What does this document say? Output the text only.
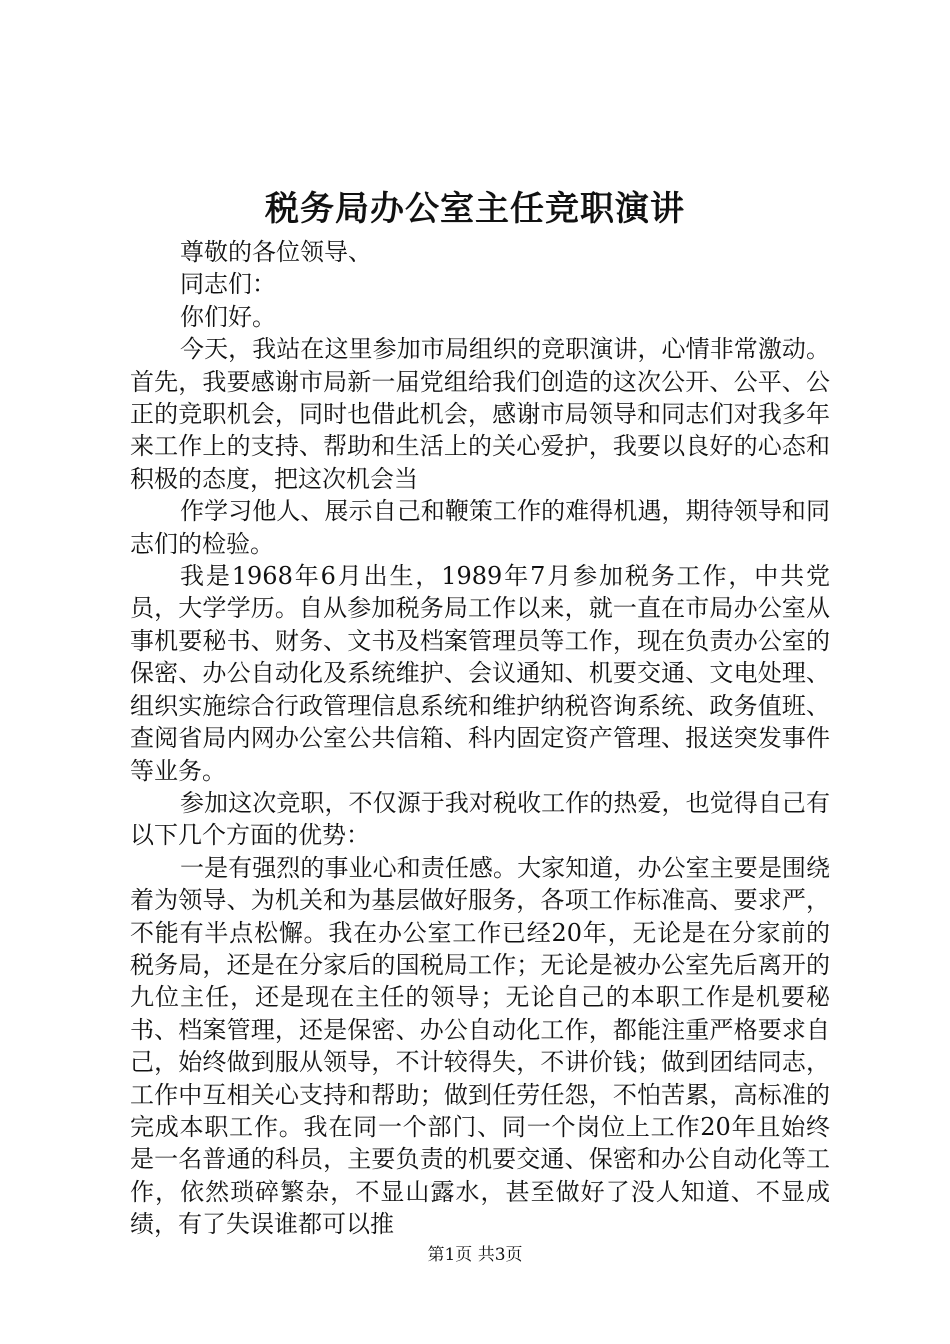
税务局办公室主任竞职演讲

尊敬的各位领导、

同志们：

你们好。

今天，我站在这里参加市局组织的竞职演讲，心情非常激动。首先，我要感谢市局新一届党组给我们创造的这次公开、公平、公正的竞职机会，同时也借此机会，感谢市局领导和同志们对我多年来工作上的支持、帮助和生活上的关心爱护，我要以良好的心态和积极的态度，把这次机会当

作学习他人、展示自己和鞭策工作的难得机遇，期待领导和同志们的检验。

我是1968年6月出生，1989年7月参加税务工作，中共党员，大学学历。自从参加税务局工作以来，就一直在市局办公室从事机要秘书、财务、文书及档案管理员等工作，现在负责办公室的保密、办公自动化及系统维护、会议通知、机要交通、文电处理、组织实施综合行政管理信息系统和维护纳税咨询系统、政务值班、查阅省局内网办公室公共信箱、科内固定资产管理、报送突发事件等业务。

参加这次竞职，不仅源于我对税收工作的热爱，也觉得自己有以下几个方面的优势：

一是有强烈的事业心和责任感。大家知道，办公室主要是围绕着为领导、为机关和为基层做好服务，各项工作标准高、要求严，不能有半点松懈。我在办公室工作已经20年，无论是在分家前的税务局，还是在分家后的国税局工作；无论是被办公室先后离开的九位主任，还是现在主任的领导；无论自己的本职工作是机要秘书、档案管理，还是保密、办公自动化工作，都能注重严格要求自己，始终做到服从领导，不计较得失，不讲价钱；做到团结同志，工作中互相关心支持和帮助；做到任劳任怨，不怕苦累，高标准的完成本职工作。我在同一个部门、同一个岗位上工作20年且始终是一名普通的科员，主要负责的机要交通、保密和办公自动化等工作，依然琐碎繁杂，不显山露水，甚至做好了没人知道、不显成绩，有了失误谁都可以推

第1页 共3页
